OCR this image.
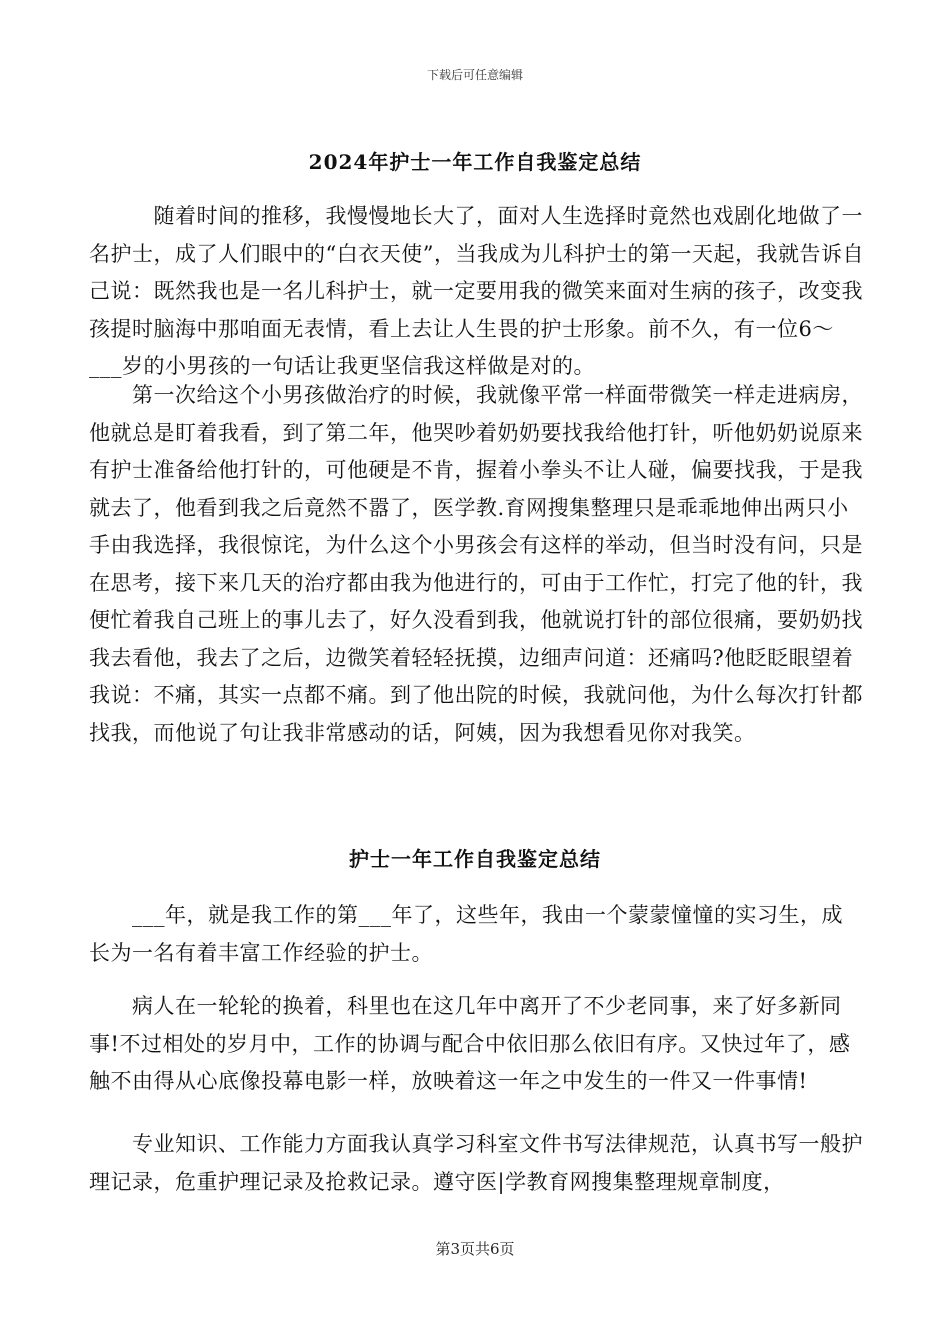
下载后可任意编辑
2024年护士一年工作自我鉴定总结

　　　随着时间的推移，我慢慢地长大了，面对人生选择时竟然也戏剧化地做了一名护士，成了人们眼中的“白衣天使”，当我成为儿科护士的第一天起，我就告诉自己说：既然我也是一名儿科护士，就一定要用我的微笑来面对生病的孩子，改变我孩提时脑海中那咱面无表情，看上去让人生畏的护士形象。前不久，有一位6～___岁的小男孩的一句话让我更坚信我这样做是对的。

　　第一次给这个小男孩做治疗的时候，我就像平常一样面带微笑一样走进病房，他就总是盯着我看，到了第二年，他哭吵着奶奶要找我给他打针，听他奶奶说原来有护士准备给他打针的，可他硬是不肯，握着小拳头不让人碰，偏要找我，于是我就去了，他看到我之后竟然不嚣了，医学教.育网搜集整理只是乖乖地伸出两只小手由我选择，我很惊诧，为什么这个小男孩会有这样的举动，但当时没有问，只是在思考，接下来几天的治疗都由我为他进行的，可由于工作忙，打完了他的针，我便忙着我自己班上的事儿去了，好久没看到我，他就说打针的部位很痛，要奶奶找我去看他，我去了之后，边微笑着轻轻抚摸，边细声问道：还痛吗?他眨眨眼望着我说：不痛，其实一点都不痛。到了他出院的时候，我就问他，为什么每次打针都找我，而他说了句让我非常感动的话，阿姨，因为我想看见你对我笑。

护士一年工作自我鉴定总结

　　___年，就是我工作的第___年了，这些年，我由一个蒙蒙憧憧的实习生，成长为一名有着丰富工作经验的护士。

　　病人在一轮轮的换着，科里也在这几年中离开了不少老同事，来了好多新同事!不过相处的岁月中，工作的协调与配合中依旧那么依旧有序。又快过年了，感触不由得从心底像投幕电影一样，放映着这一年之中发生的一件又一件事情!

　　专业知识、工作能力方面我认真学习科室文件书写法律规范，认真书写一般护理记录，危重护理记录及抢救记录。遵守医|学教育网搜集整理规章制度，

第3页共6页
